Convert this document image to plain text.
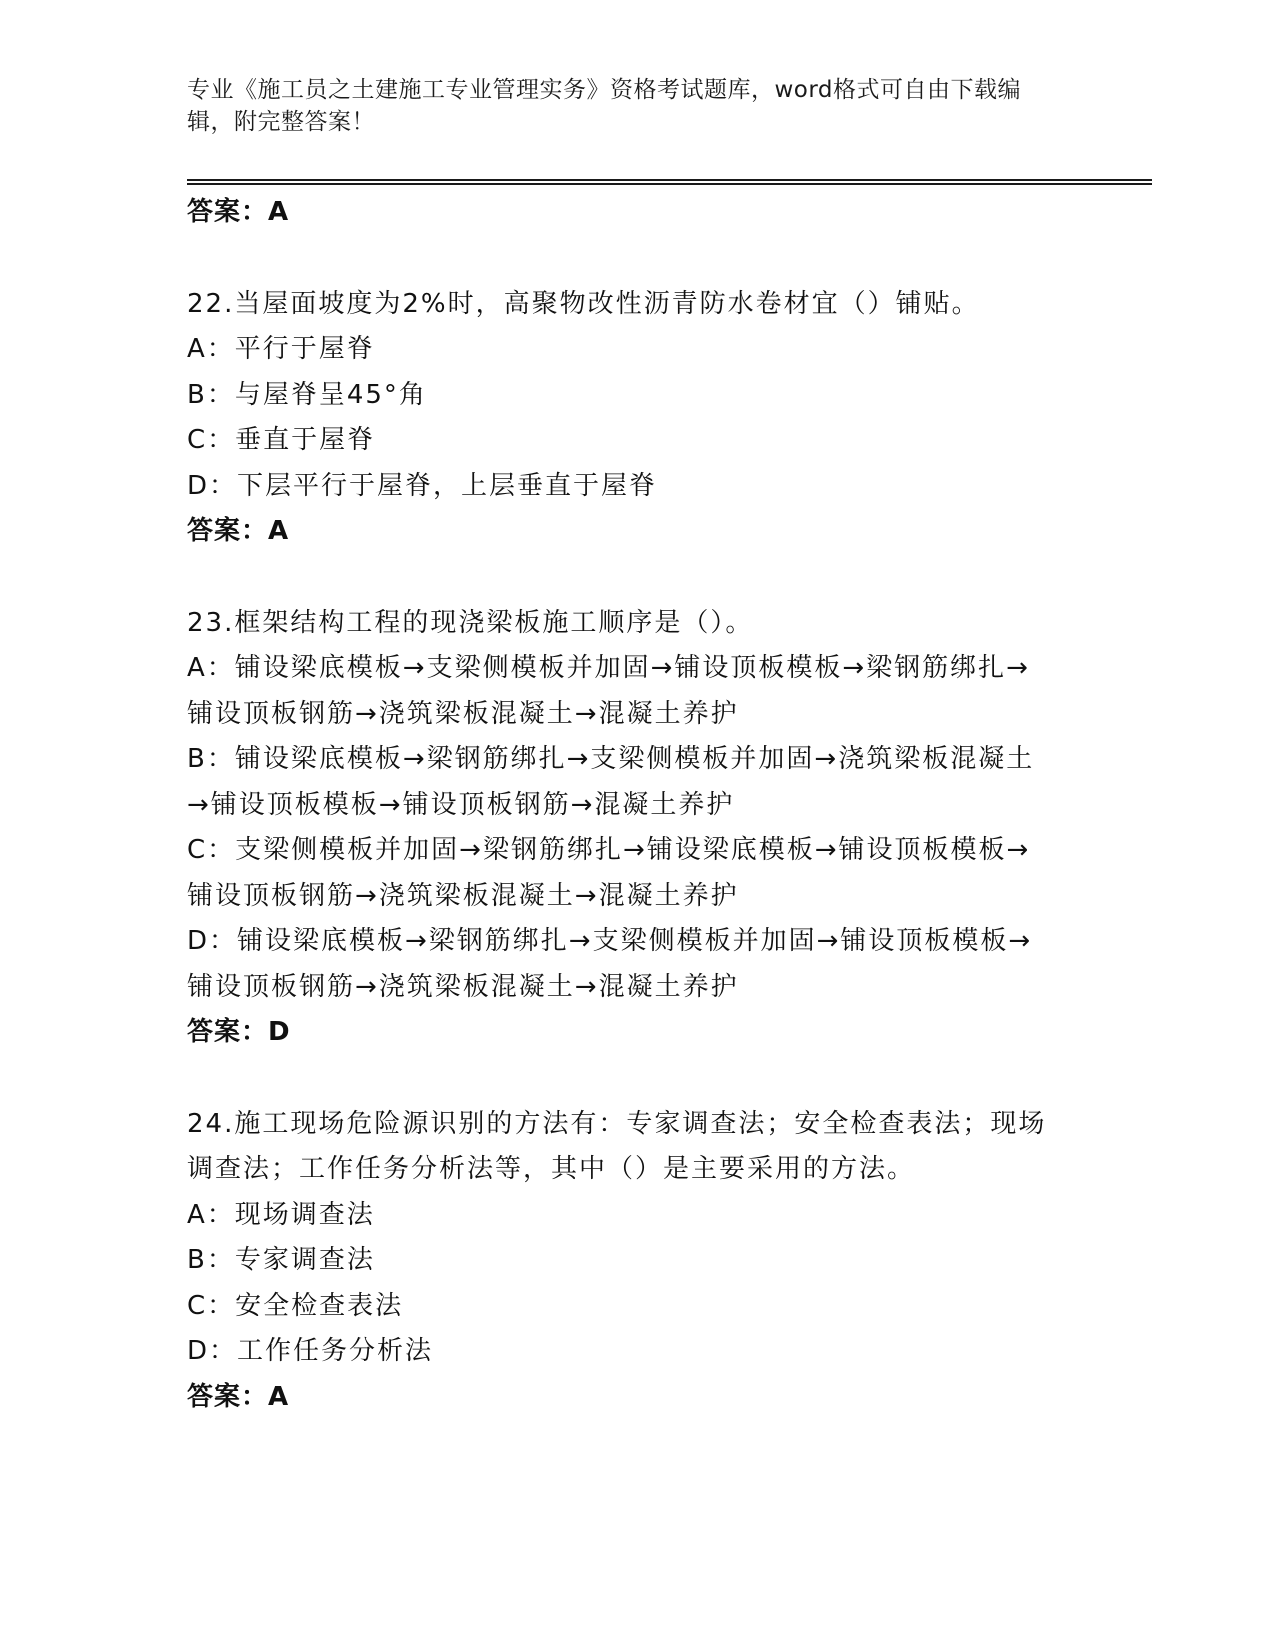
专业《施工员之土建施工专业管理实务》资格考试题库，word格式可自由下载编
辑，附完整答案！
答案：A
22.当屋面坡度为2%时，高聚物改性沥青防水卷材宜（）铺贴。
A：平行于屋脊
B：与屋脊呈45°角
C：垂直于屋脊
D：下层平行于屋脊，上层垂直于屋脊
答案：A
23.框架结构工程的现浇梁板施工顺序是（）。
A：铺设梁底模板→支梁侧模板并加固→铺设顶板模板→梁钢筋绑扎→
铺设顶板钢筋→浇筑梁板混凝土→混凝土养护
B：铺设梁底模板→梁钢筋绑扎→支梁侧模板并加固→浇筑梁板混凝土
→铺设顶板模板→铺设顶板钢筋→混凝土养护
C：支梁侧模板并加固→梁钢筋绑扎→铺设梁底模板→铺设顶板模板→
铺设顶板钢筋→浇筑梁板混凝土→混凝土养护
D：铺设梁底模板→梁钢筋绑扎→支梁侧模板并加固→铺设顶板模板→
铺设顶板钢筋→浇筑梁板混凝土→混凝土养护
答案：D
24.施工现场危险源识别的方法有：专家调查法；安全检查表法；现场
调查法；工作任务分析法等，其中（）是主要采用的方法。
A：现场调查法
B：专家调查法
C：安全检查表法
D：工作任务分析法
答案：A
